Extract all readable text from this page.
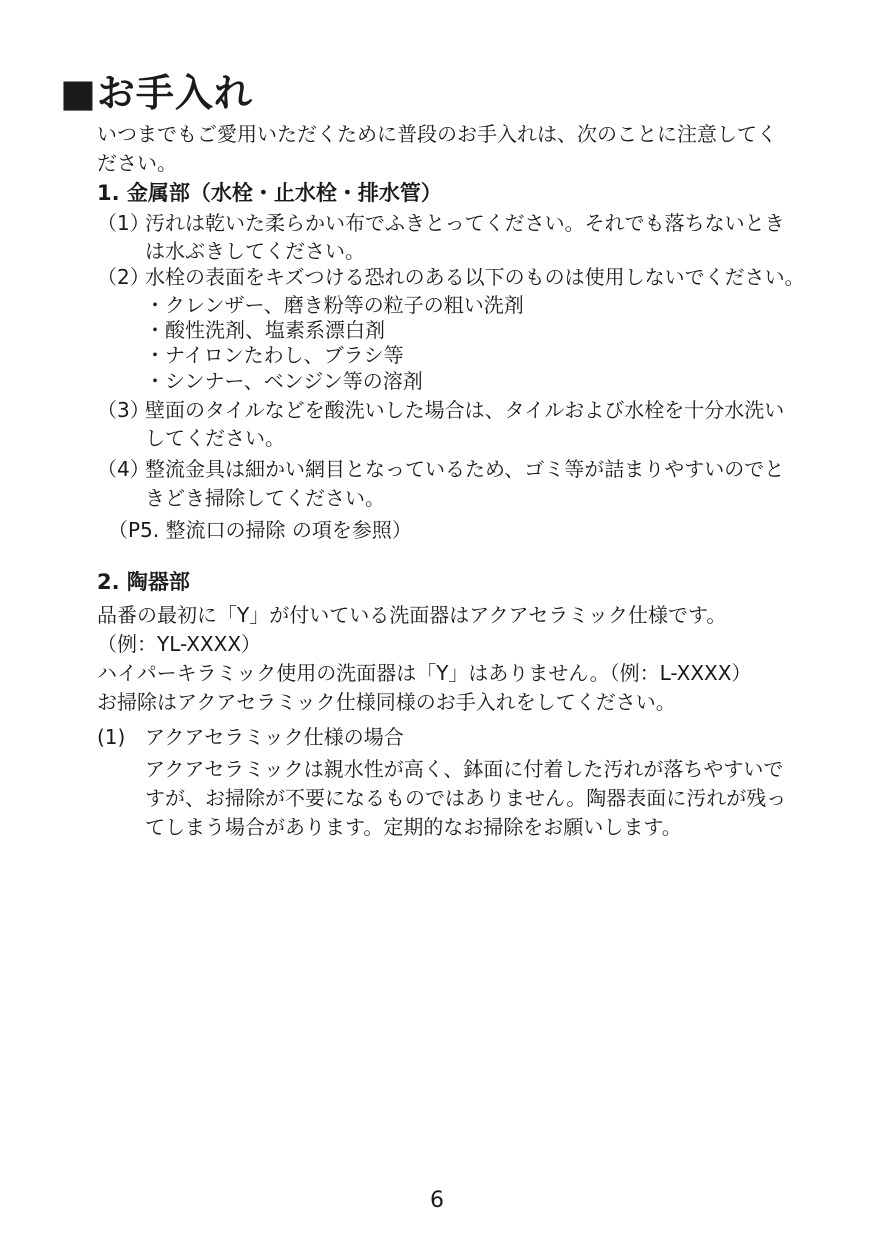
■お手入れ
いつまでもご愛用いただくために普段のお手入れは、次のことに注意してく
ださい。
1. 金属部（水栓・止水栓・排水管）
（1）
汚れは乾いた柔らかい布でふきとってください。それでも落ちないとき
は水ぶきしてください。
（2）
水栓の表面をキズつける恐れのある以下のものは使用しないでください。
・クレンザー、磨き粉等の粒子の粗い洗剤
・酸性洗剤、塩素系漂白剤
・ナイロンたわし、ブラシ等
・シンナー、ベンジン等の溶剤
（3）
壁面のタイルなどを酸洗いした場合は、タイルおよび水栓を十分水洗い
してください。
（4）
整流金具は細かい網目となっているため、ゴミ等が詰まりやすいのでと
きどき掃除してください。
（P5. 整流口の掃除 の項を参照）
2. 陶器部
品番の最初に「Y」が付いている洗面器はアクアセラミック仕様です。
（例：YL-XXXX）
ハイパーキラミック使用の洗面器は「Y」はありません。（例：L-XXXX）
お掃除はアクアセラミック仕様同様のお手入れをしてください。
(1) アクアセラミック仕様の場合
アクアセラミックは親水性が高く、鉢面に付着した汚れが落ちやすいで
すが、お掃除が不要になるものではありません。陶器表面に汚れが残っ
てしまう場合があります。定期的なお掃除をお願いします。
6
